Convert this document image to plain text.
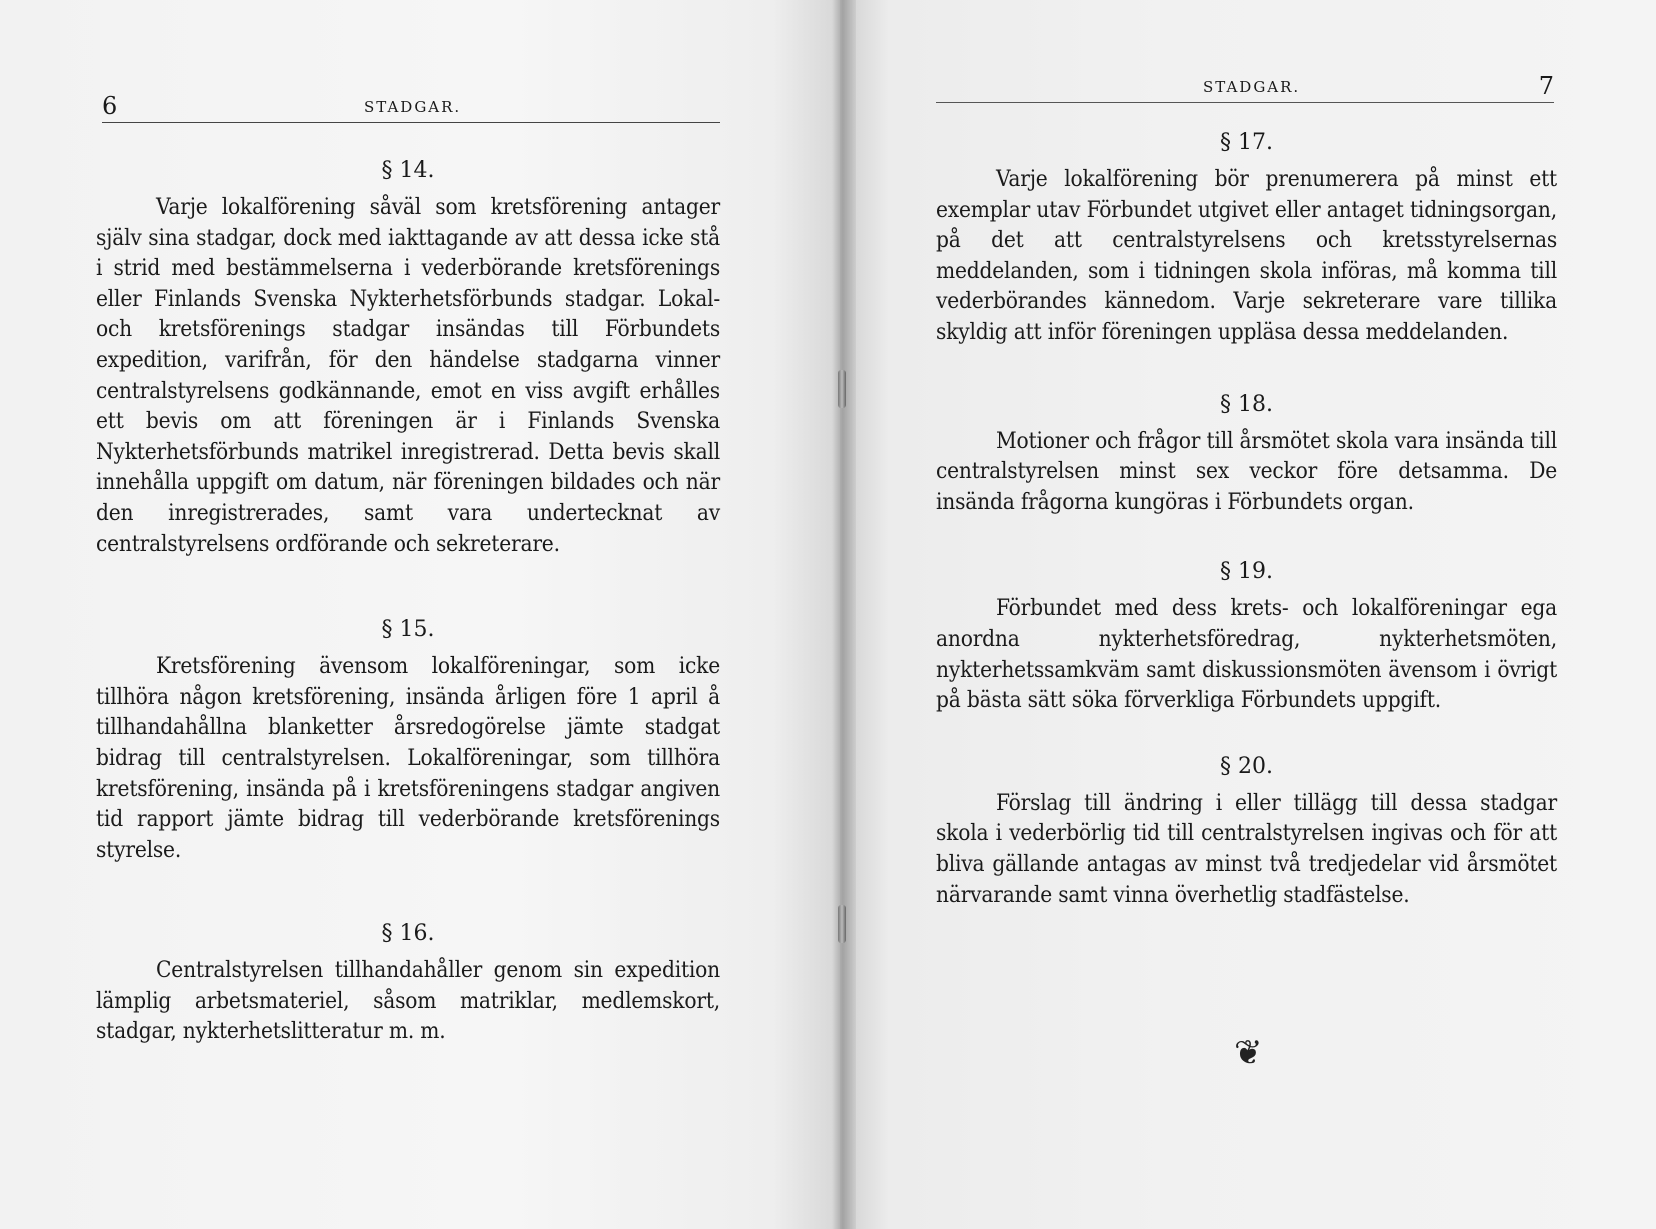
6	STADGAR.
§ 14.

Varje lokalförening såväl som kretsförening antager själv sina stadgar, dock med iakttagande av att dessa icke stå i strid med bestämmelserna i vederbörande kretsförenings eller Finlands Svenska Nykterhetsförbunds stadgar. Lokal- och kretsförenings stadgar insändas till Förbundets expedition, varifrån, för den händelse stadgarna vinner centralstyrelsens godkännande, emot en viss avgift erhålles ett bevis om att föreningen är i Finlands Svenska Nykterhetsförbunds matrikel inregistrerad. Detta bevis skall innehålla uppgift om datum, när föreningen bildades och när den inregistrerades, samt vara undertecknat av centralstyrelsens ordförande och sekreterare.

§ 15.

Kretsförening ävensom lokalföreningar, som icke tillhöra någon kretsförening, insända årligen före 1 april å tillhandahållna blanketter årsredogörelse jämte stadgat bidrag till centralstyrelsen. Lokalföreningar, som tillhöra kretsförening, insända på i kretsföreningens stadgar angiven tid rapport jämte bidrag till vederbörande kretsförenings styrelse.

§ 16.

Centralstyrelsen tillhandahåller genom sin expedition lämplig arbetsmateriel, såsom matriklar, medlemskort, stadgar, nykterhetslitteratur m. m.

STADGAR.	7
§ 17.

Varje lokalförening bör prenumerera på minst ett exemplar utav Förbundet utgivet eller antaget tidningsorgan, på det att centralstyrelsens och kretsstyrelsernas meddelanden, som i tidningen skola införas, må komma till vederbörandes kännedom. Varje sekreterare vare tillika skyldig att inför föreningen uppläsa dessa meddelanden.

§ 18.

Motioner och frågor till årsmötet skola vara insända till centralstyrelsen minst sex veckor före detsamma. De insända frågorna kungöras i Förbundets organ.

§ 19.

Förbundet med dess krets- och lokalföreningar ega anordna nykterhetsföredrag, nykterhetsmöten, nykterhetssamkväm samt diskussionsmöten ävensom i övrigt på bästa sätt söka förverkliga Förbundets uppgift.

§ 20.

Förslag till ändring i eller tillägg till dessa stadgar skola i vederbörlig tid till centralstyrelsen ingivas och för att bliva gällande antagas av minst två tredjedelar vid årsmötet närvarande samt vinna överhetlig stadfästelse.

❦
